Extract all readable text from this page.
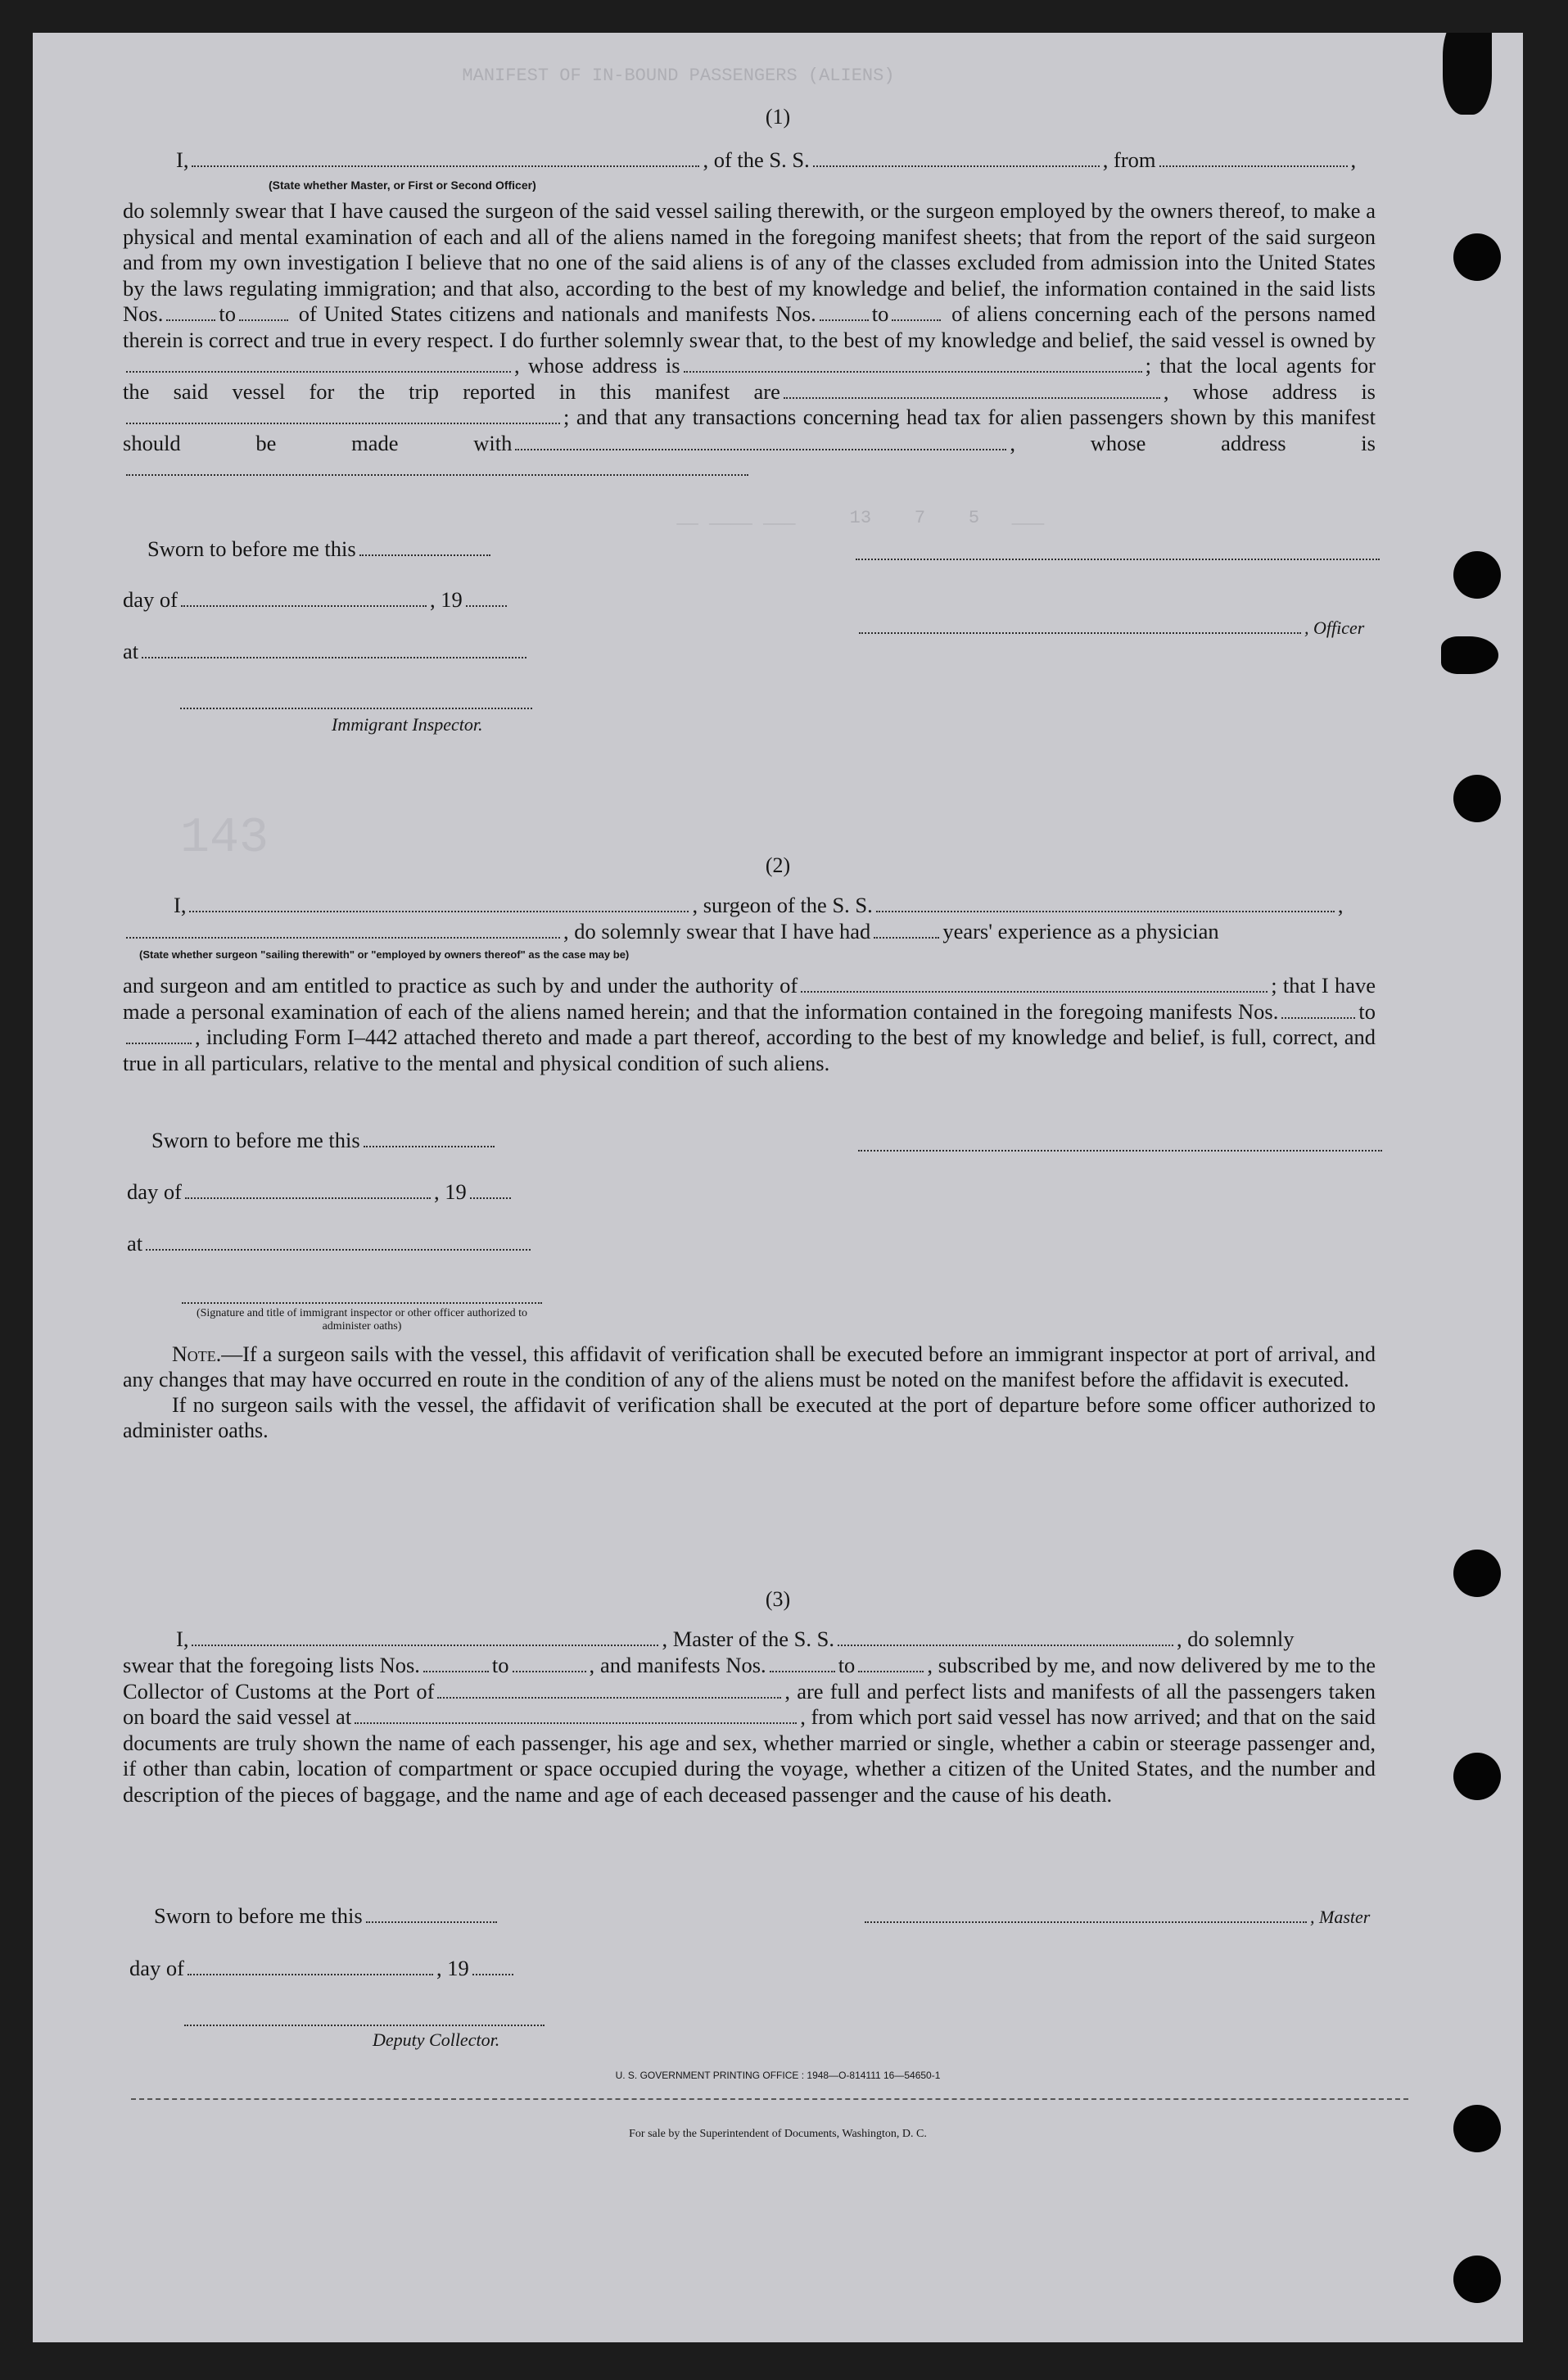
MANIFEST OF IN-BOUND PASSENGERS (ALIENS)
__ ____ ___     13    7    5   ___
143
(1)
I,	, of the S. S.	, from	,
(State whether Master, or First or Second Officer)

do solemnly swear that I have caused the surgeon of the said vessel sailing therewith, or the surgeon employed by the owners thereof, to make a physical and mental examination of each and all of the aliens named in the foregoing manifest sheets; that from the report of the said surgeon and from my own investigation I believe that no one of the said aliens is of any of the classes excluded from admission into the United States by the laws regulating immigration; and that also, according to the best of my knowledge and belief, the information contained in the said lists Nos.	to	of United States citizens and nationals and manifests Nos.	to	of aliens concerning each of the persons named therein is correct and true in every respect. I do further solemnly swear that, to the best of my knowledge and belief, the said vessel is owned by, whose address is	; that the local agents for the said vessel for the trip reported in this manifest are	, whose address is; and that any transactions concerning head tax for alien passengers shown by this manifest should be made with	, whose address is

Sworn to before me this
day of	, 19
, Officer
at
Immigrant Inspector.
(2)
I,	, surgeon of the S. S.	,
, do solemnly swear that I have had	years' experience as a physician
(State whether surgeon "sailing therewith" or "employed by owners thereof" as the case may be)

and surgeon and am entitled to practice as such by and under the authority of	; that I have made a personal examination of each of the aliens named herein; and that the information contained in the foregoing manifests Nos.	to, including Form I–442 attached thereto and made a part thereof, according to the best of my knowledge and belief, is full, correct, and true in all particulars, relative to the mental and physical condition of such aliens.

Sworn to before me this
day of	, 19
at
(Signature and title of immigrant inspector or other officer authorized to administer oaths)

Note.—If a surgeon sails with the vessel, this affidavit of verification shall be executed before an immigrant inspector at port of arrival, and any changes that may have occurred en route in the condition of any of the aliens must be noted on the manifest before the affidavit is executed.

If no surgeon sails with the vessel, the affidavit of verification shall be executed at the port of departure before some officer authorized to administer oaths.

(3)
I,	, Master of the S. S.	, do solemnly

swear that the foregoing lists Nos.	to	, and manifests Nos.	to	, subscribed by me, and now delivered by me to the Collector of Customs at the Port of	, are full and perfect lists and manifests of all the passengers taken on board the said vessel at	, from which port said vessel has now arrived; and that on the said documents are truly shown the name of each passenger, his age and sex, whether married or single, whether a cabin or steerage passenger and, if other than cabin, location of compartment or space occupied during the voyage, whether a citizen of the United States, and the number and description of the pieces of baggage, and the name and age of each deceased passenger and the cause of his death.

Sworn to before me this	, Master
day of	, 19
Deputy Collector.
U. S. GOVERNMENT PRINTING OFFICE : 1948—O-814111 16—54650-1
For sale by the Superintendent of Documents, Washington, D. C.
